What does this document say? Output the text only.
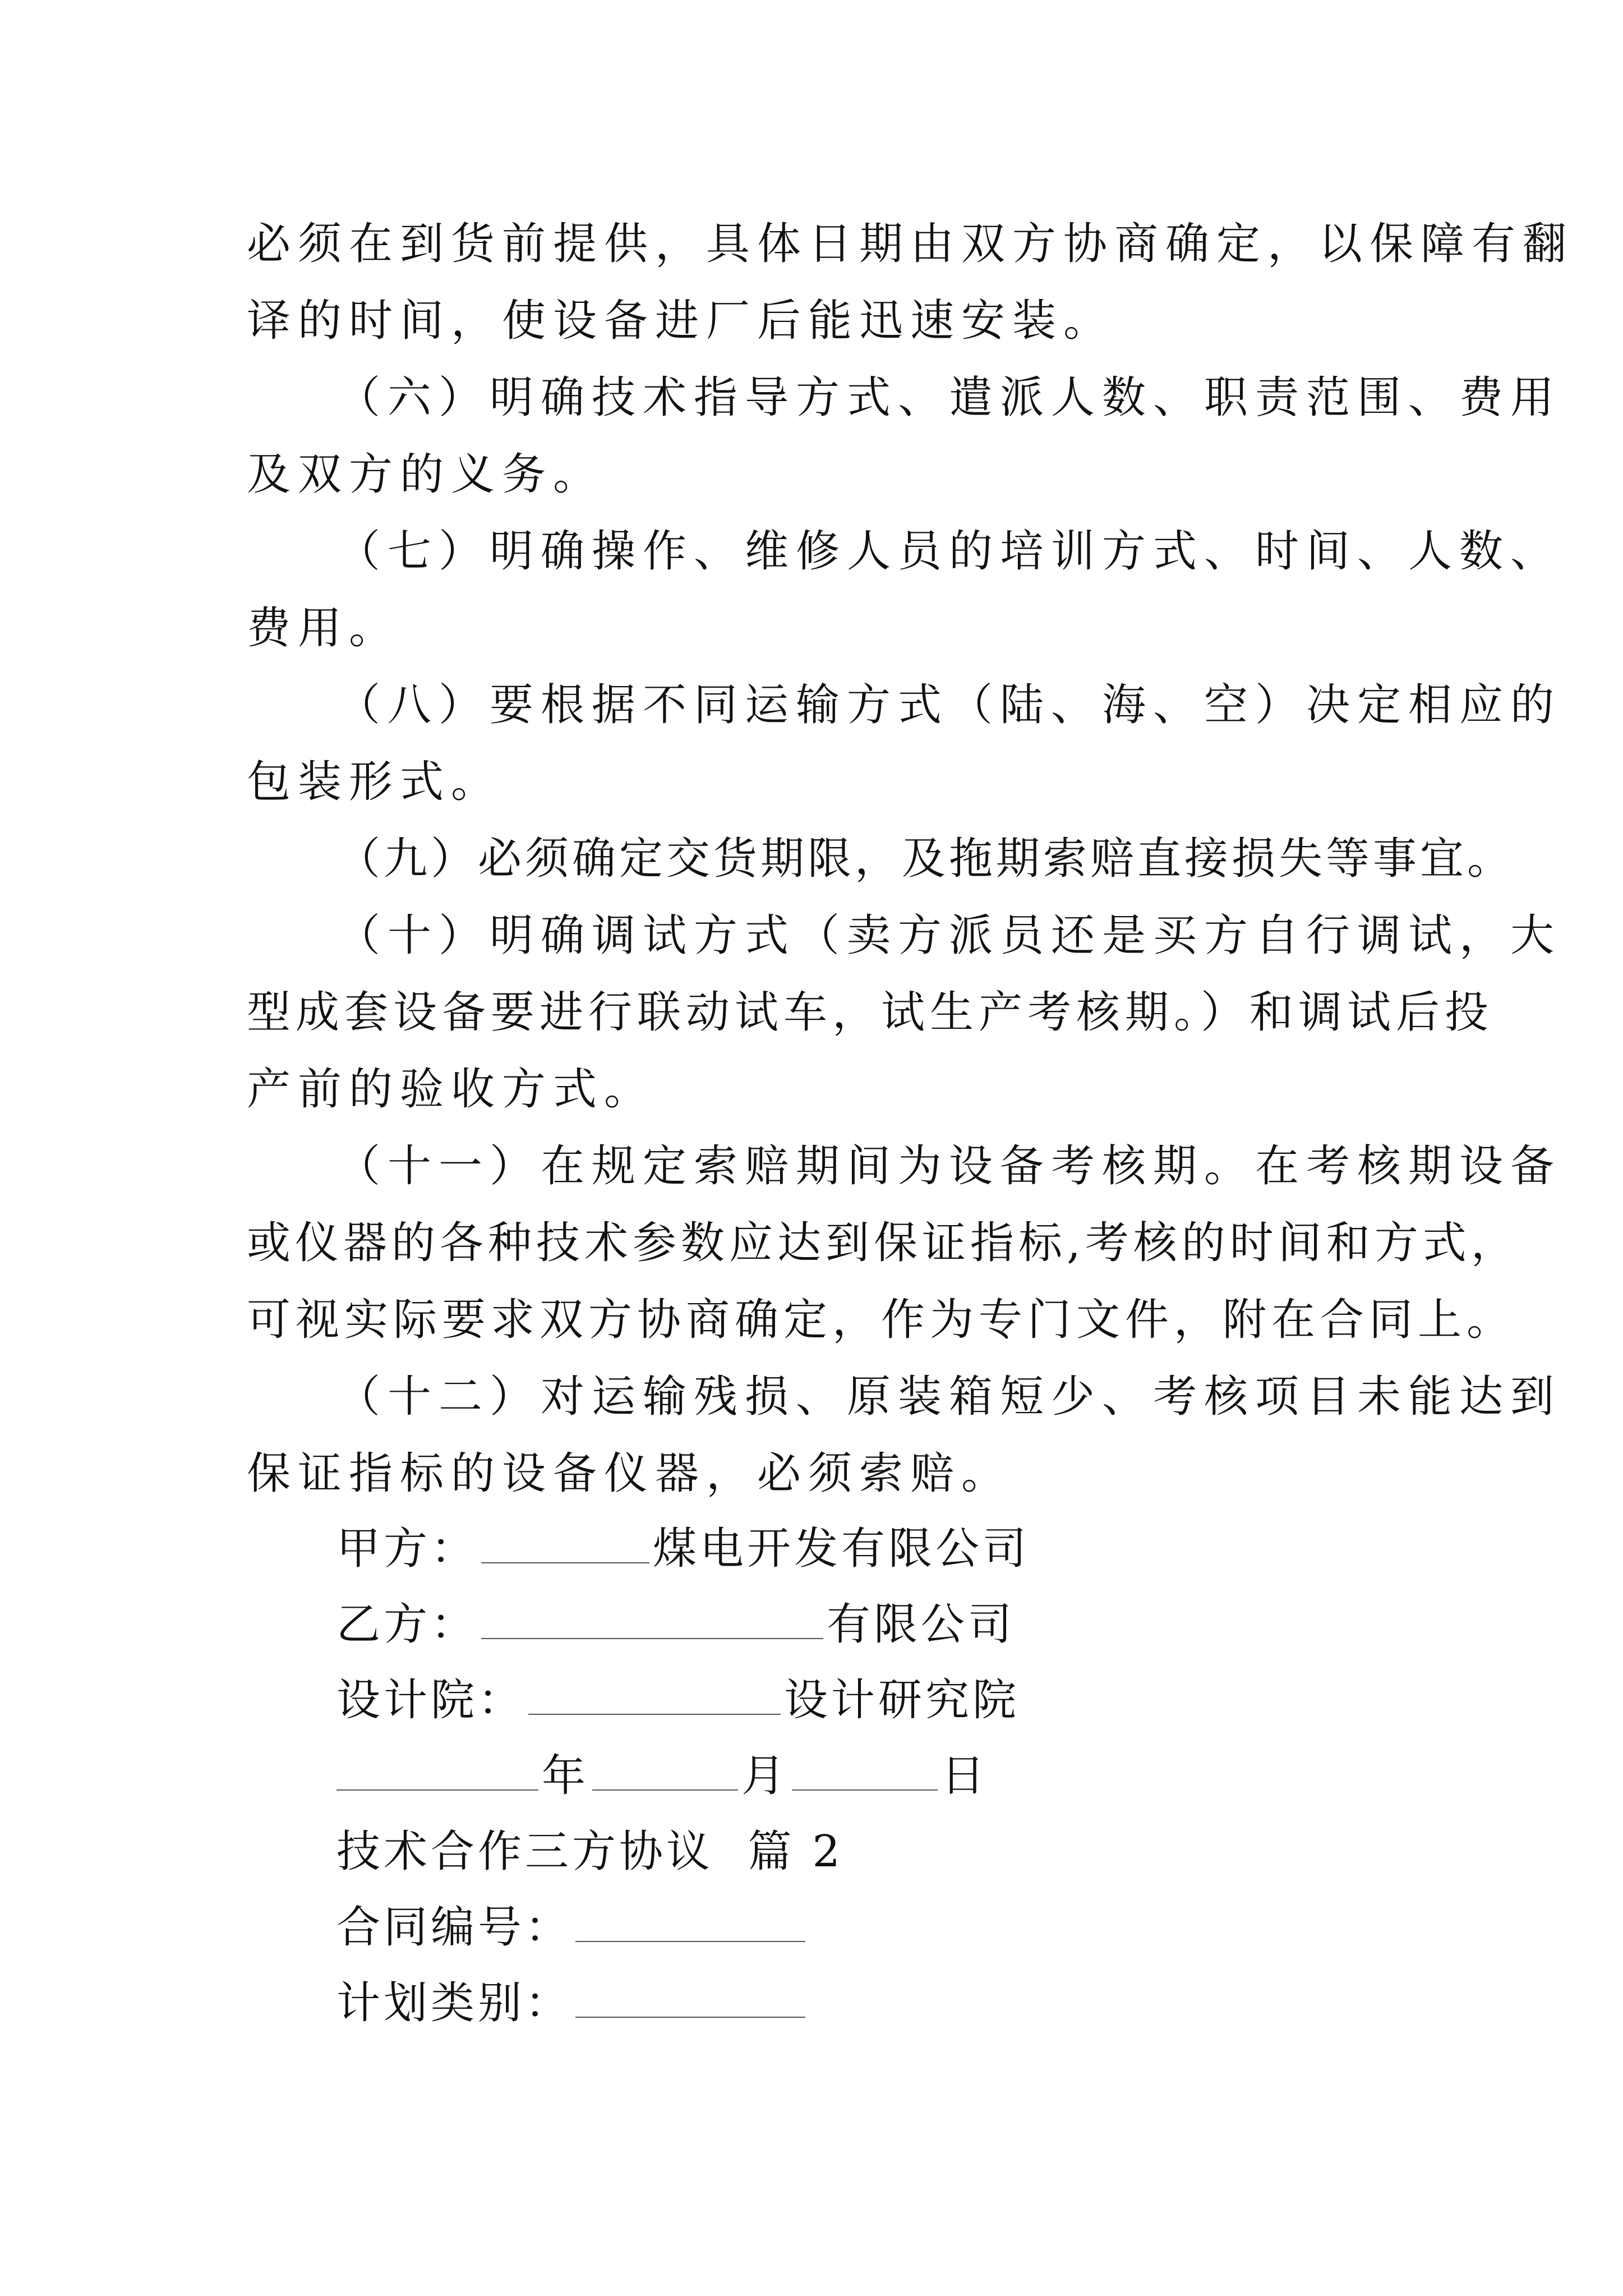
必须在到货前提供，具体日期由双方协商确定，以保障有翻
译的时间，使设备进厂后能迅速安装。
（六）明确技术指导方式、遣派人数、职责范围、费用
及双方的义务。
（七）明确操作、维修人员的培训方式、时间、人数、
费用。
（八）要根据不同运输方式（陆、海、空）决定相应的
包装形式。
（九）必须确定交货期限，及拖期索赔直接损失等事宜。
（十）明确调试方式（卖方派员还是买方自行调试，大
型成套设备要进行联动试车，试生产考核期。）和调试后投
产前的验收方式。
（十一）在规定索赔期间为设备考核期。在考核期设备
或仪器的各种技术参数应达到保证指标,考核的时间和方式，
可视实际要求双方协商确定，作为专门文件，附在合同上。
（十二）对运输残损、原装箱短少、考核项目未能达到
保证指标的设备仪器，必须索赔。
甲方：	煤电开发有限公司
乙方：	有限公司
设计院：	设计研究院
年	月	日
技术合作三方协议  篇 2
合同编号：
计划类别：
